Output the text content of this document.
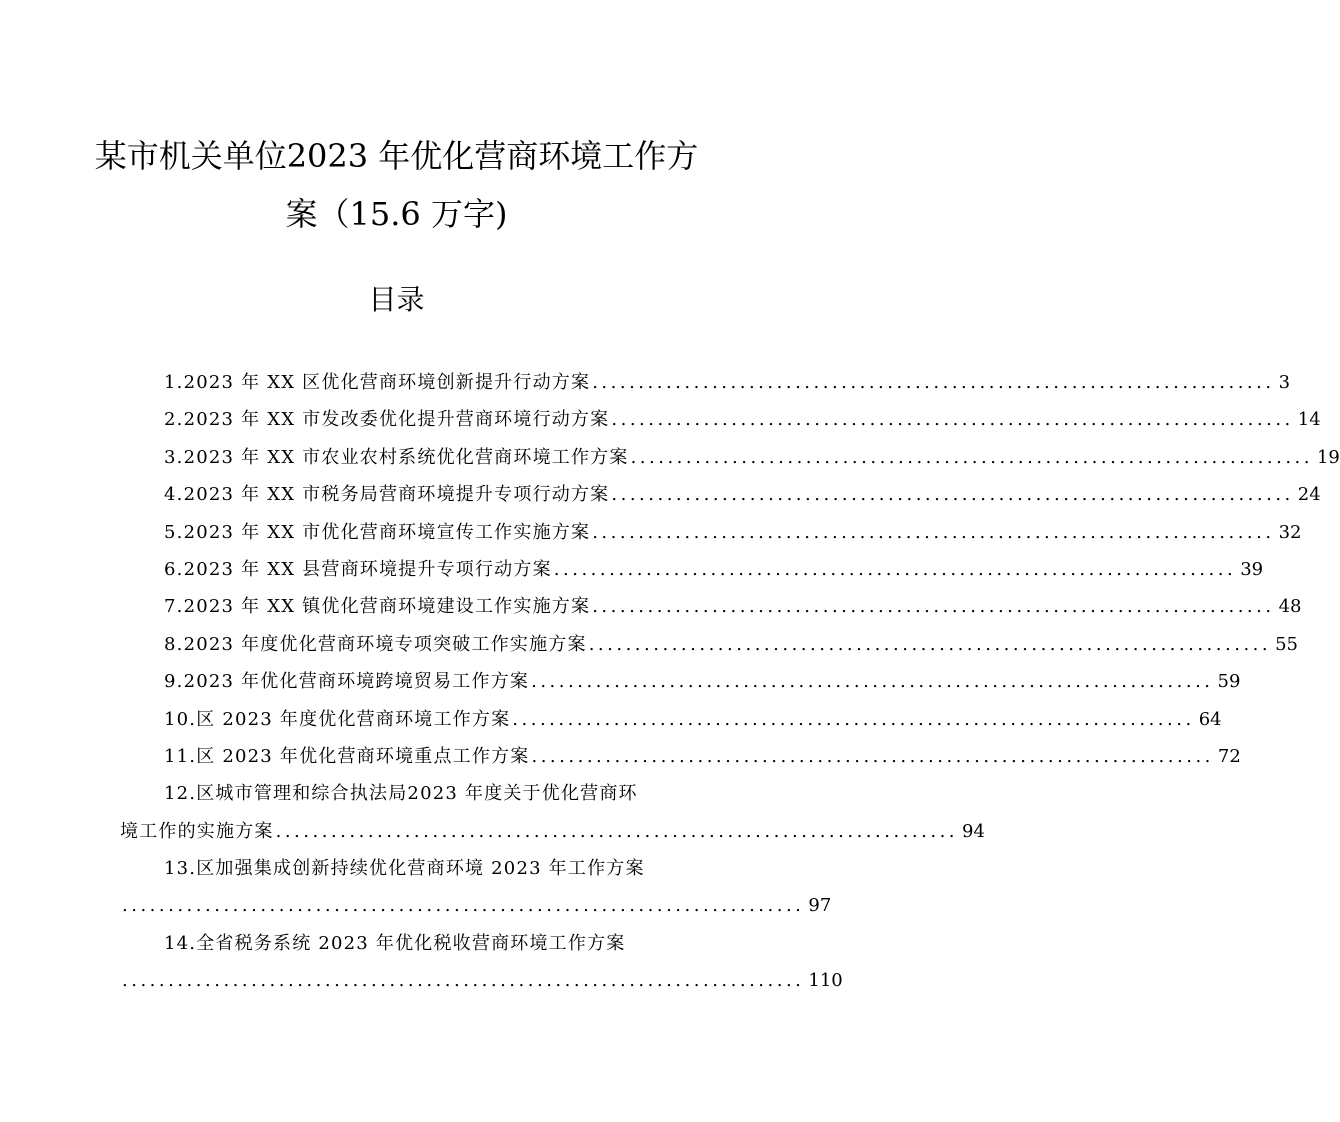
某市机关单位2023 年优化营商环境工作方
案（15.6 万字)
目录
1.2023 年 XX 区优化营商环境创新提升行动方案 .......................................................................... 3
2.2023 年 XX 市发改委优化提升营商环境行动方案 .......................................................................... 14
3.2023 年 XX 市农业农村系统优化营商环境工作方案 .......................................................................... 19
4.2023 年 XX 市税务局营商环境提升专项行动方案 .......................................................................... 24
5.2023 年 XX 市优化营商环境宣传工作实施方案 .......................................................................... 32
6.2023 年 XX 县营商环境提升专项行动方案 .......................................................................... 39
7.2023 年 XX 镇优化营商环境建设工作实施方案 .......................................................................... 48
8.2023 年度优化营商环境专项突破工作实施方案 .......................................................................... 55
9.2023 年优化营商环境跨境贸易工作方案 .......................................................................... 59
10.区 2023 年度优化营商环境工作方案 .......................................................................... 64
11.区 2023 年优化营商环境重点工作方案 .......................................................................... 72
12.区城市管理和综合执法局2023 年度关于优化营商环
境工作的实施方案 .......................................................................... 94
13.区加强集成创新持续优化营商环境 2023 年工作方案
.......................................................................... 97
14.全省税务系统 2023 年优化税收营商环境工作方案
.......................................................................... 110
